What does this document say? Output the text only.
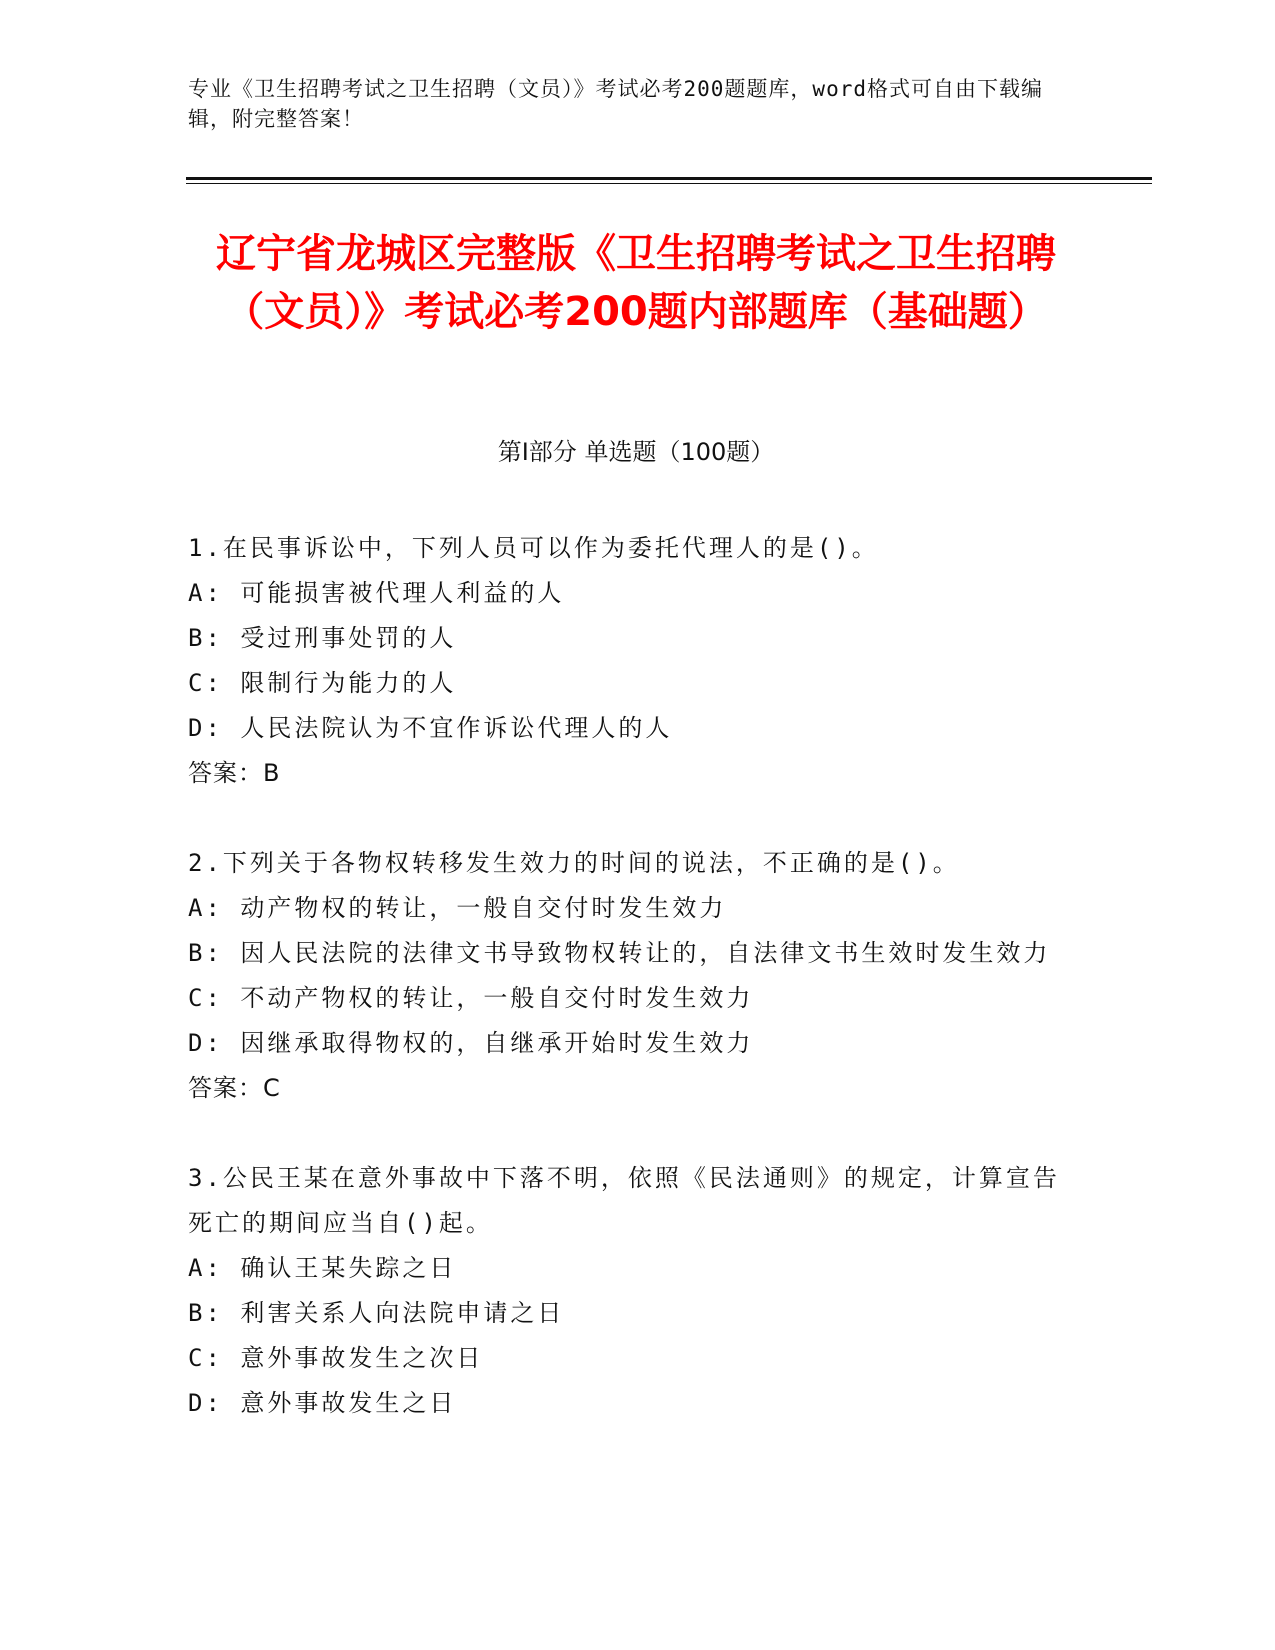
专业《卫生招聘考试之卫生招聘（文员）》考试必考200题题库，word格式可自由下载编辑，附完整答案！
辽宁省龙城区完整版《卫生招聘考试之卫生招聘（文员）》考试必考200题内部题库（基础题）
第I部分 单选题（100题）
1.在民事诉讼中，下列人员可以作为委托代理人的是()。
A: 可能损害被代理人利益的人
B: 受过刑事处罚的人
C: 限制行为能力的人
D: 人民法院认为不宜作诉讼代理人的人
答案：B
2.下列关于各物权转移发生效力的时间的说法，不正确的是()。
A: 动产物权的转让，一般自交付时发生效力
B: 因人民法院的法律文书导致物权转让的，自法律文书生效时发生效力
C: 不动产物权的转让，一般自交付时发生效力
D: 因继承取得物权的，自继承开始时发生效力
答案：C
3.公民王某在意外事故中下落不明，依照《民法通则》的规定，计算宣告死亡的期间应当自()起。
A: 确认王某失踪之日
B: 利害关系人向法院申请之日
C: 意外事故发生之次日
D: 意外事故发生之日
